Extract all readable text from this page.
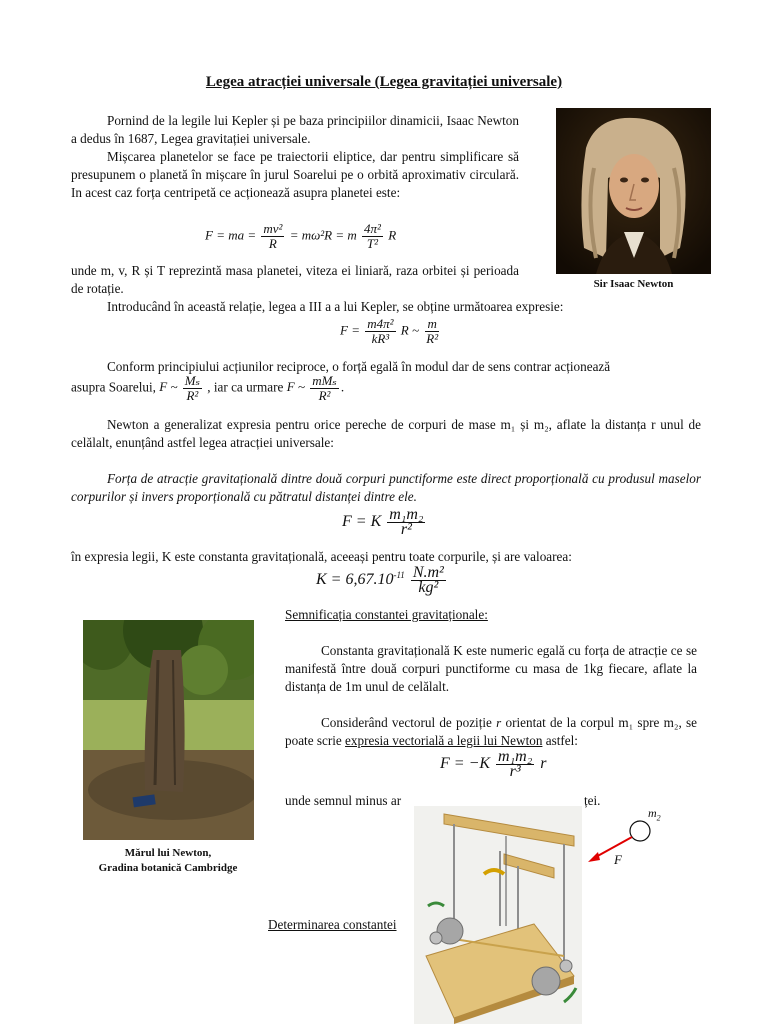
Legea atracției universale (Legea gravitației universale)
Sir Isaac Newton

Pornind de la legile lui Kepler și pe baza principiilor dinamicii, Isaac Newton a dedus în 1687, Legea gravitației universale.

Mișcarea planetelor se face pe traiectorii eliptice, dar pentru simplificare să presupunem o planetă în mișcare în jurul Soarelui pe o orbită aproximativ circulară. In acest caz forța centripetă ce acționează asupra planetei este:

F = ma = $\frac{\text{mv²}}{R} = m\omega^2R = m \frac{\text{4π²}}{\text{T²}}$ R

unde m, v, R și T reprezintă masa planetei, viteza ei liniară, raza orbitei și perioada de rotație.

Introducând în această relație, legea a III a a lui Kepler, se obține următoarea expresie:

$F = \frac{\text{m4π²}}{\text{kR³}}$ R ~ $\frac{m}{\text{R²}}$

Conform principiului acțiunilor reciproce, o forță egală în modul dar de sens contrar acționează

asupra Soarelui, F ~ $\frac{\text{Mₛ}}{\text{R²}}$ , iar ca urmare F ~ $\frac{\text{mMₛ}}{\text{R²}}$ .

Newton a generalizat expresia pentru orice pereche de corpuri de mase m₁ și m₂, aflate la distanța r unul de celălalt, enunțând astfel legea atracției universale:

Forța de atracție gravitațională dintre două corpuri punctiforme este direct proporțională cu produsul maselor corpurilor și invers proporțională cu pătratul distanței dintre ele.

F = K $\frac{\text{m₁m₂}}{\text{r²}}$

în expresia legii, K este constanta gravitațională, aceeași pentru toate corpurile, și are valoarea:

$K = 6,67.10^{-11} \frac{\text{N.m²}}{\text{kg²}}$
Mărul lui Newton,
Gradina botanică Cambridge
Semnificația constantei gravitaționale:

Constanta gravitațională K este numeric egală cu forța de atracție ce se manifestă între două corpuri punctiforme cu masa de 1kg fiecare, aflate la distanța de 1m unul de celălalt.

Considerând vectorul de poziție r orientat de la corpul m₁ spre m₂, se poate scrie expresia vectorială a legii lui Newton astfel:
$F = -K \frac{\text{m₁m₂}}{\text{r³}}$ r
unde semnul minus ar	ței.
Determinarea constantei
$m_2$
F
